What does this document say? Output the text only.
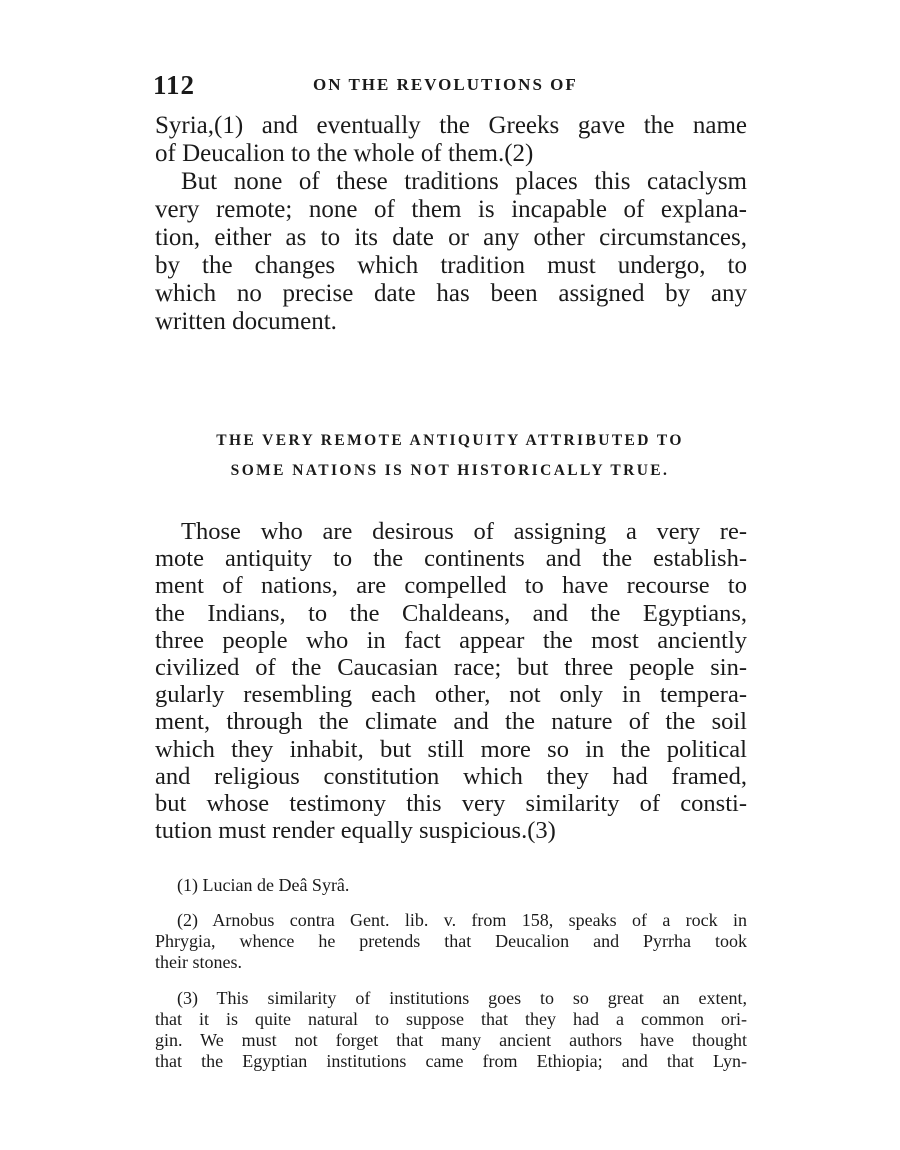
112	ON THE REVOLUTIONS OF
Syria,(1) and eventually the Greeks gave the name
of Deucalion to the whole of them.(2)
But none of these traditions places this cataclysm
very remote; none of them is incapable of explana-
tion, either as to its date or any other circumstances,
by the changes which tradition must undergo, to
which no precise date has been assigned by any
written document.
THE VERY REMOTE ANTIQUITY ATTRIBUTED TO
SOME NATIONS IS NOT HISTORICALLY TRUE.
Those who are desirous of assigning a very re-
mote antiquity to the continents and the establish-
ment of nations, are compelled to have recourse to
the Indians, to the Chaldeans, and the Egyptians,
three people who in fact appear the most anciently
civilized of the Caucasian race; but three people sin-
gularly resembling each other, not only in tempera-
ment, through the climate and the nature of the soil
which they inhabit, but still more so in the political
and religious constitution which they had framed,
but whose testimony this very similarity of consti-
tution must render equally suspicious.(3)
(1) Lucian de Deâ Syrâ.
(2) Arnobus contra Gent. lib. v. from 158, speaks of a rock in
Phrygia, whence he pretends that Deucalion and Pyrrha took
their stones.
(3) This similarity of institutions goes to so great an extent,
that it is quite natural to suppose that they had a common ori-
gin. We must not forget that many ancient authors have thought
that the Egyptian institutions came from Ethiopia; and that Lyn-
